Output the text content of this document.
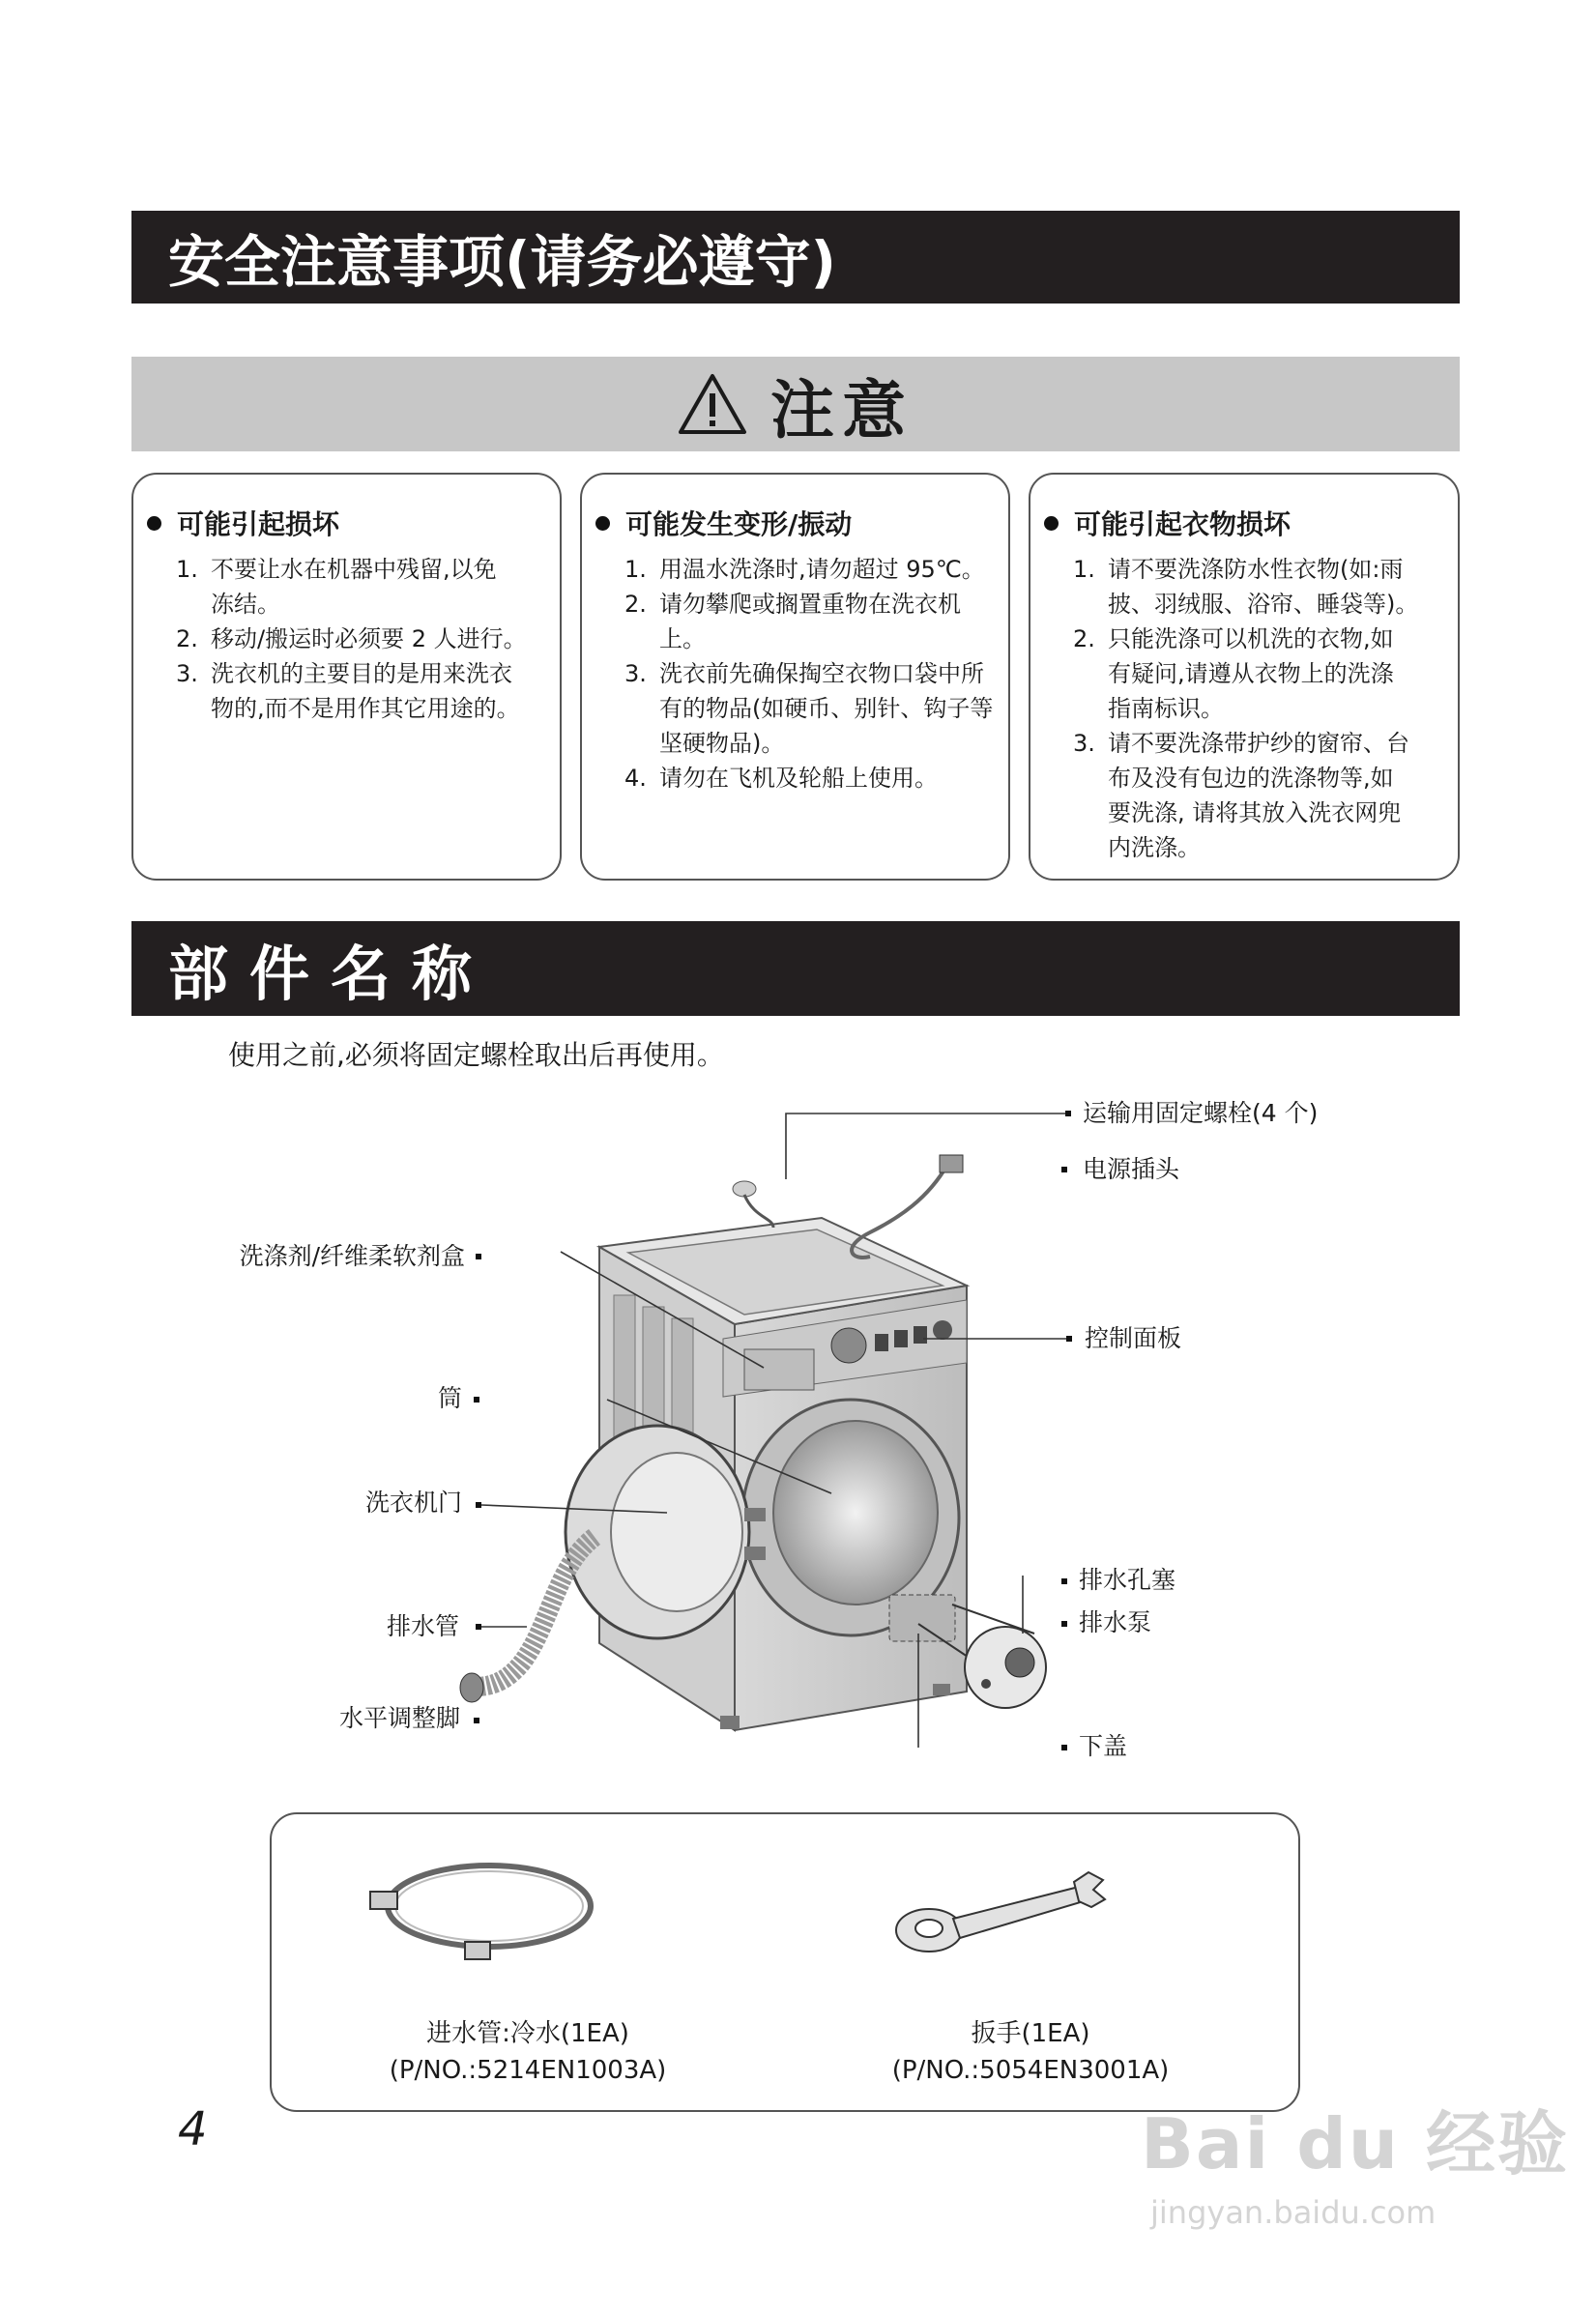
安全注意事项(请务必遵守)
注意
可能引起损坏
1. 不要让水在机器中残留,以免
冻结。
2. 移动/搬运时必须要 2 人进行。
3. 洗衣机的主要目的是用来洗衣
物的,而不是用作其它用途的。
可能发生变形/振动
1. 用温水洗涤时,请勿超过 95℃。
2. 请勿攀爬或搁置重物在洗衣机
上。
3. 洗衣前先确保掏空衣物口袋中所
有的物品(如硬币、别针、钩子等
坚硬物品)。
4. 请勿在飞机及轮船上使用。
可能引起衣物损坏
1. 请不要洗涤防水性衣物(如:雨
披、羽绒服、浴帘、睡袋等)。
2. 只能洗涤可以机洗的衣物,如
有疑问,请遵从衣物上的洗涤
指南标识。
3. 请不要洗涤带护纱的窗帘、台
布及没有包边的洗涤物等,如
要洗涤, 请将其放入洗衣网兜
内洗涤。
部件名称
使用之前,必须将固定螺栓取出后再使用。
运输用固定螺栓(4 个)
电源插头
洗涤剂/纤维柔软剂盒
控制面板
筒
洗衣机门
排水孔塞
排水泵
排水管
水平调整脚
下盖
进水管:冷水(1EA)
(P/NO.:5214EN1003A)
扳手(1EA)
(P/NO.:5054EN3001A)
4	Bai du 经验
jingyan.baidu.com
